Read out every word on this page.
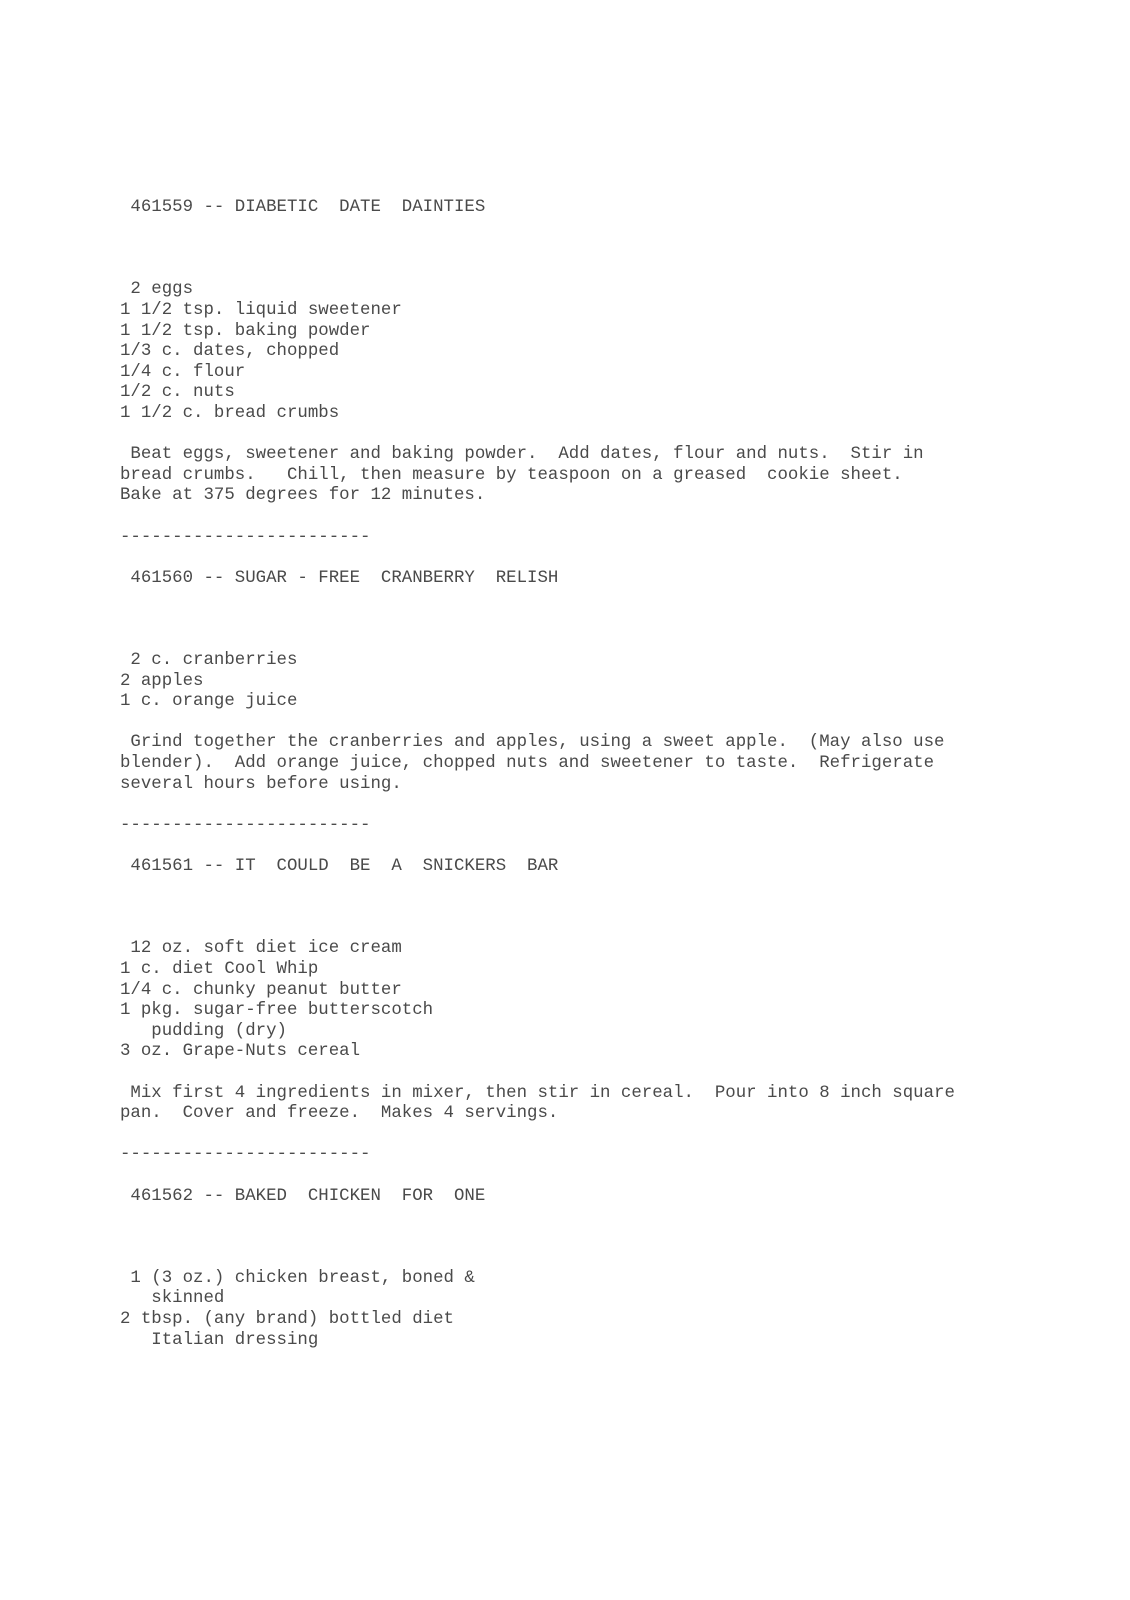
461559 -- DIABETIC  DATE  DAINTIES
2 eggs
1 1/2 tsp. liquid sweetener
1 1/2 tsp. baking powder
1/3 c. dates, chopped
1/4 c. flour
1/2 c. nuts
1 1/2 c. bread crumbs
Beat eggs, sweetener and baking powder.  Add dates, flour and nuts.  Stir in
bread crumbs.   Chill, then measure by teaspoon on a greased  cookie sheet.
Bake at 375 degrees for 12 minutes.
------------------------
461560 -- SUGAR - FREE  CRANBERRY  RELISH
2 c. cranberries
2 apples
1 c. orange juice
Grind together the cranberries and apples, using a sweet apple.  (May also use
blender).  Add orange juice, chopped nuts and sweetener to taste.  Refrigerate
several hours before using.
------------------------
461561 -- IT  COULD  BE  A  SNICKERS  BAR
12 oz. soft diet ice cream
1 c. diet Cool Whip
1/4 c. chunky peanut butter
1 pkg. sugar-free butterscotch
pudding (dry)
3 oz. Grape-Nuts cereal
Mix first 4 ingredients in mixer, then stir in cereal.  Pour into 8 inch square
pan.  Cover and freeze.  Makes 4 servings.
------------------------
461562 -- BAKED  CHICKEN  FOR  ONE
1 (3 oz.) chicken breast, boned &
skinned
2 tbsp. (any brand) bottled diet
Italian dressing
